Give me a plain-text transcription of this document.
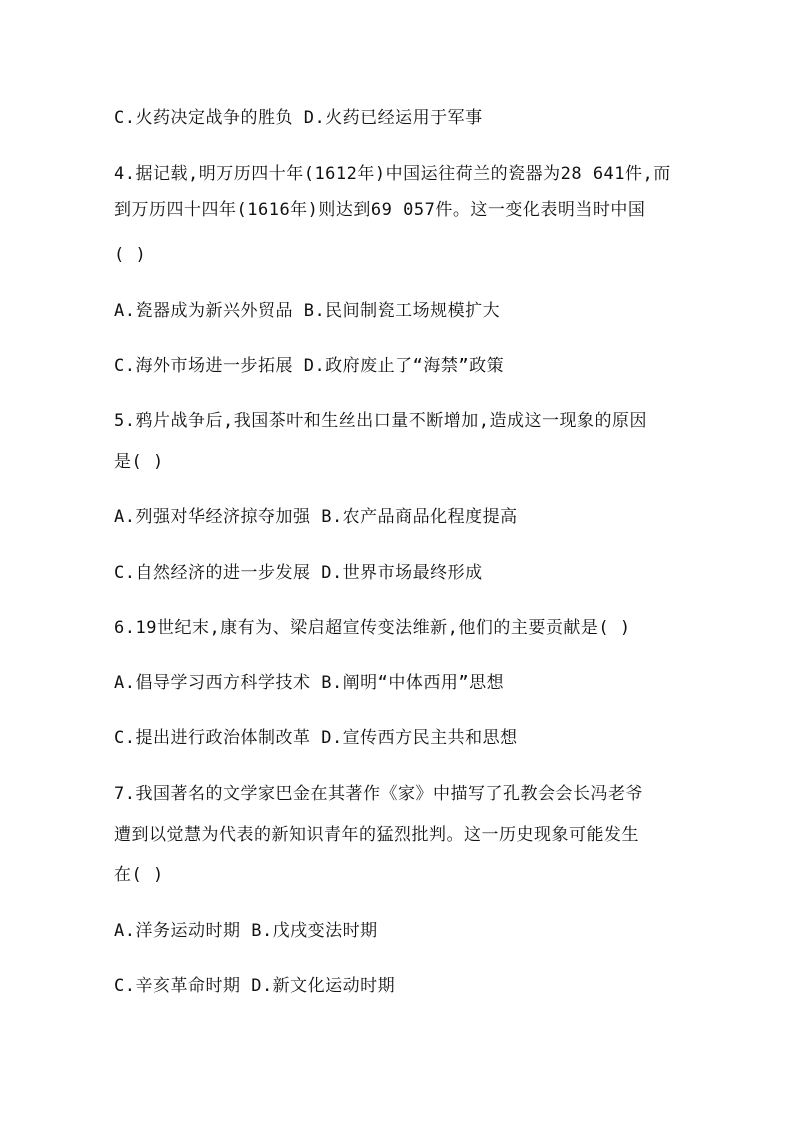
C.火药决定战争的胜负 D.火药已经运用于军事
4.据记载,明万历四十年(1612年)中国运往荷兰的瓷器为28 641件,而
到万历四十四年(1616年)则达到69 057件。这一变化表明当时中国
( )
A.瓷器成为新兴外贸品 B.民间制瓷工场规模扩大
C.海外市场进一步拓展 D.政府废止了“海禁”政策
5.鸦片战争后,我国茶叶和生丝出口量不断增加,造成这一现象的原因
是( )
A.列强对华经济掠夺加强 B.农产品商品化程度提高
C.自然经济的进一步发展 D.世界市场最终形成
6.19世纪末,康有为、梁启超宣传变法维新,他们的主要贡献是( )
A.倡导学习西方科学技术 B.阐明“中体西用”思想
C.提出进行政治体制改革 D.宣传西方民主共和思想
7.我国著名的文学家巴金在其著作《家》中描写了孔教会会长冯老爷
遭到以觉慧为代表的新知识青年的猛烈批判。这一历史现象可能发生
在( )
A.洋务运动时期 B.戊戌变法时期
C.辛亥革命时期 D.新文化运动时期
